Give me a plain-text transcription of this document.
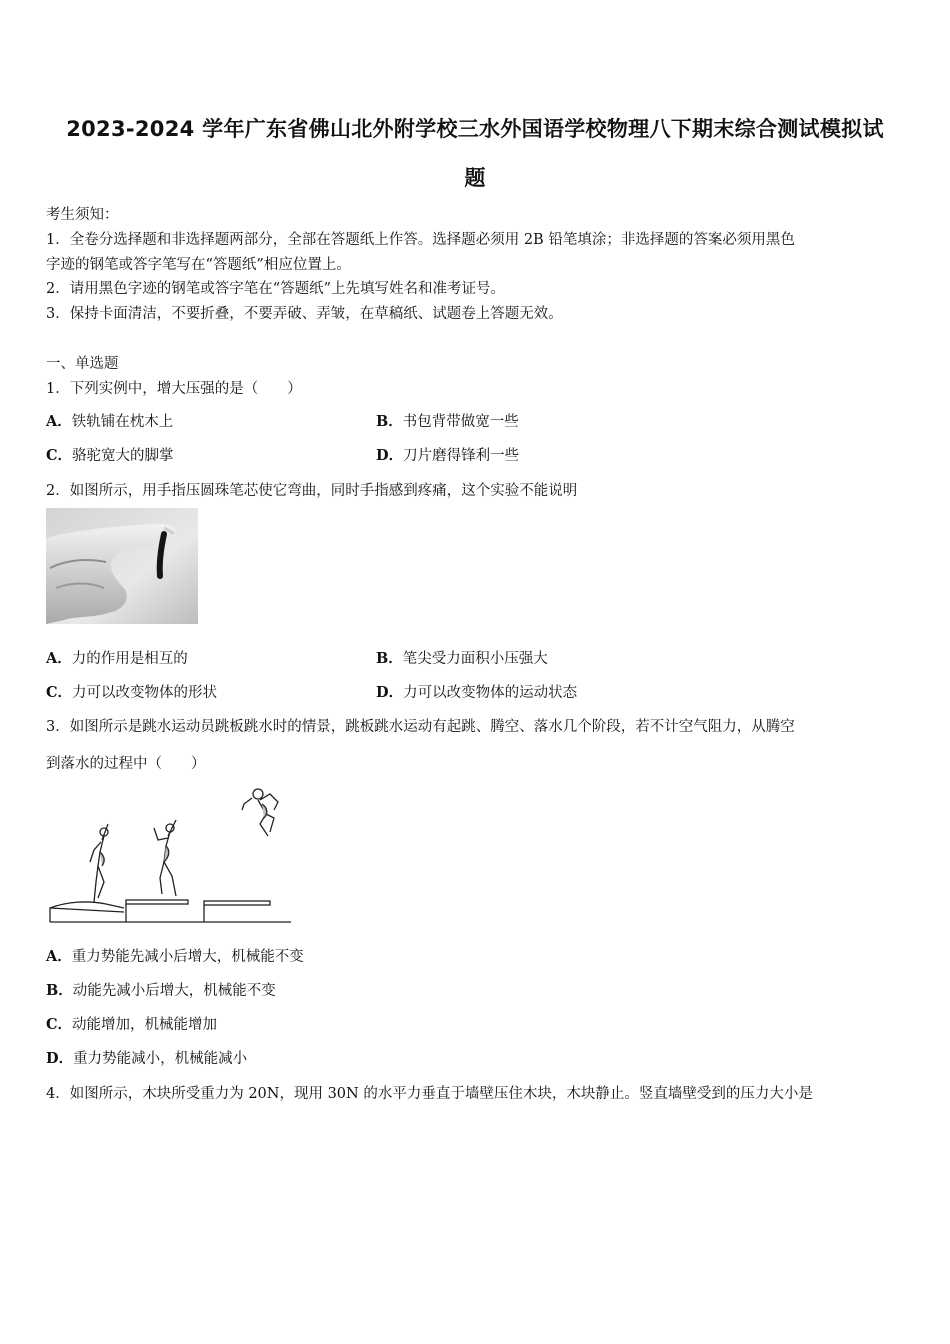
2023-2024 学年广东省佛山北外附学校三水外国语学校物理八下期末综合测试模拟试
题
考生须知：
1．全卷分选择题和非选择题两部分，全部在答题纸上作答。选择题必须用 2B 铅笔填涂；非选择题的答案必须用黑色
字迹的钢笔或答字笔写在“答题纸”相应位置上。
2．请用黑色字迹的钢笔或答字笔在“答题纸”上先填写姓名和准考证号。
3．保持卡面清洁，不要折叠，不要弄破、弄皱，在草稿纸、试题卷上答题无效。
一、单选题
1．下列实例中，增大压强的是（　　）
A．铁轨铺在枕木上	B．书包背带做宽一些
C．骆驼宽大的脚掌	D．刀片磨得锋利一些
2．如图所示，用手指压圆珠笔芯使它弯曲，同时手指感到疼痛，这个实验不能说明
A．力的作用是相互的	B．笔尖受力面积小压强大
C．力可以改变物体的形状	D．力可以改变物体的运动状态
3．如图所示是跳水运动员跳板跳水时的情景，跳板跳水运动有起跳、腾空、落水几个阶段，若不计空气阻力，从腾空
到落水的过程中（　　）
A．重力势能先减小后增大，机械能不变
B．动能先减小后增大，机械能不变
C．动能增加，机械能增加
D．重力势能减小，机械能减小
4．如图所示，木块所受重力为 20N，现用 30N 的水平力垂直于墙壁压住木块，木块静止。竖直墙壁受到的压力大小是
